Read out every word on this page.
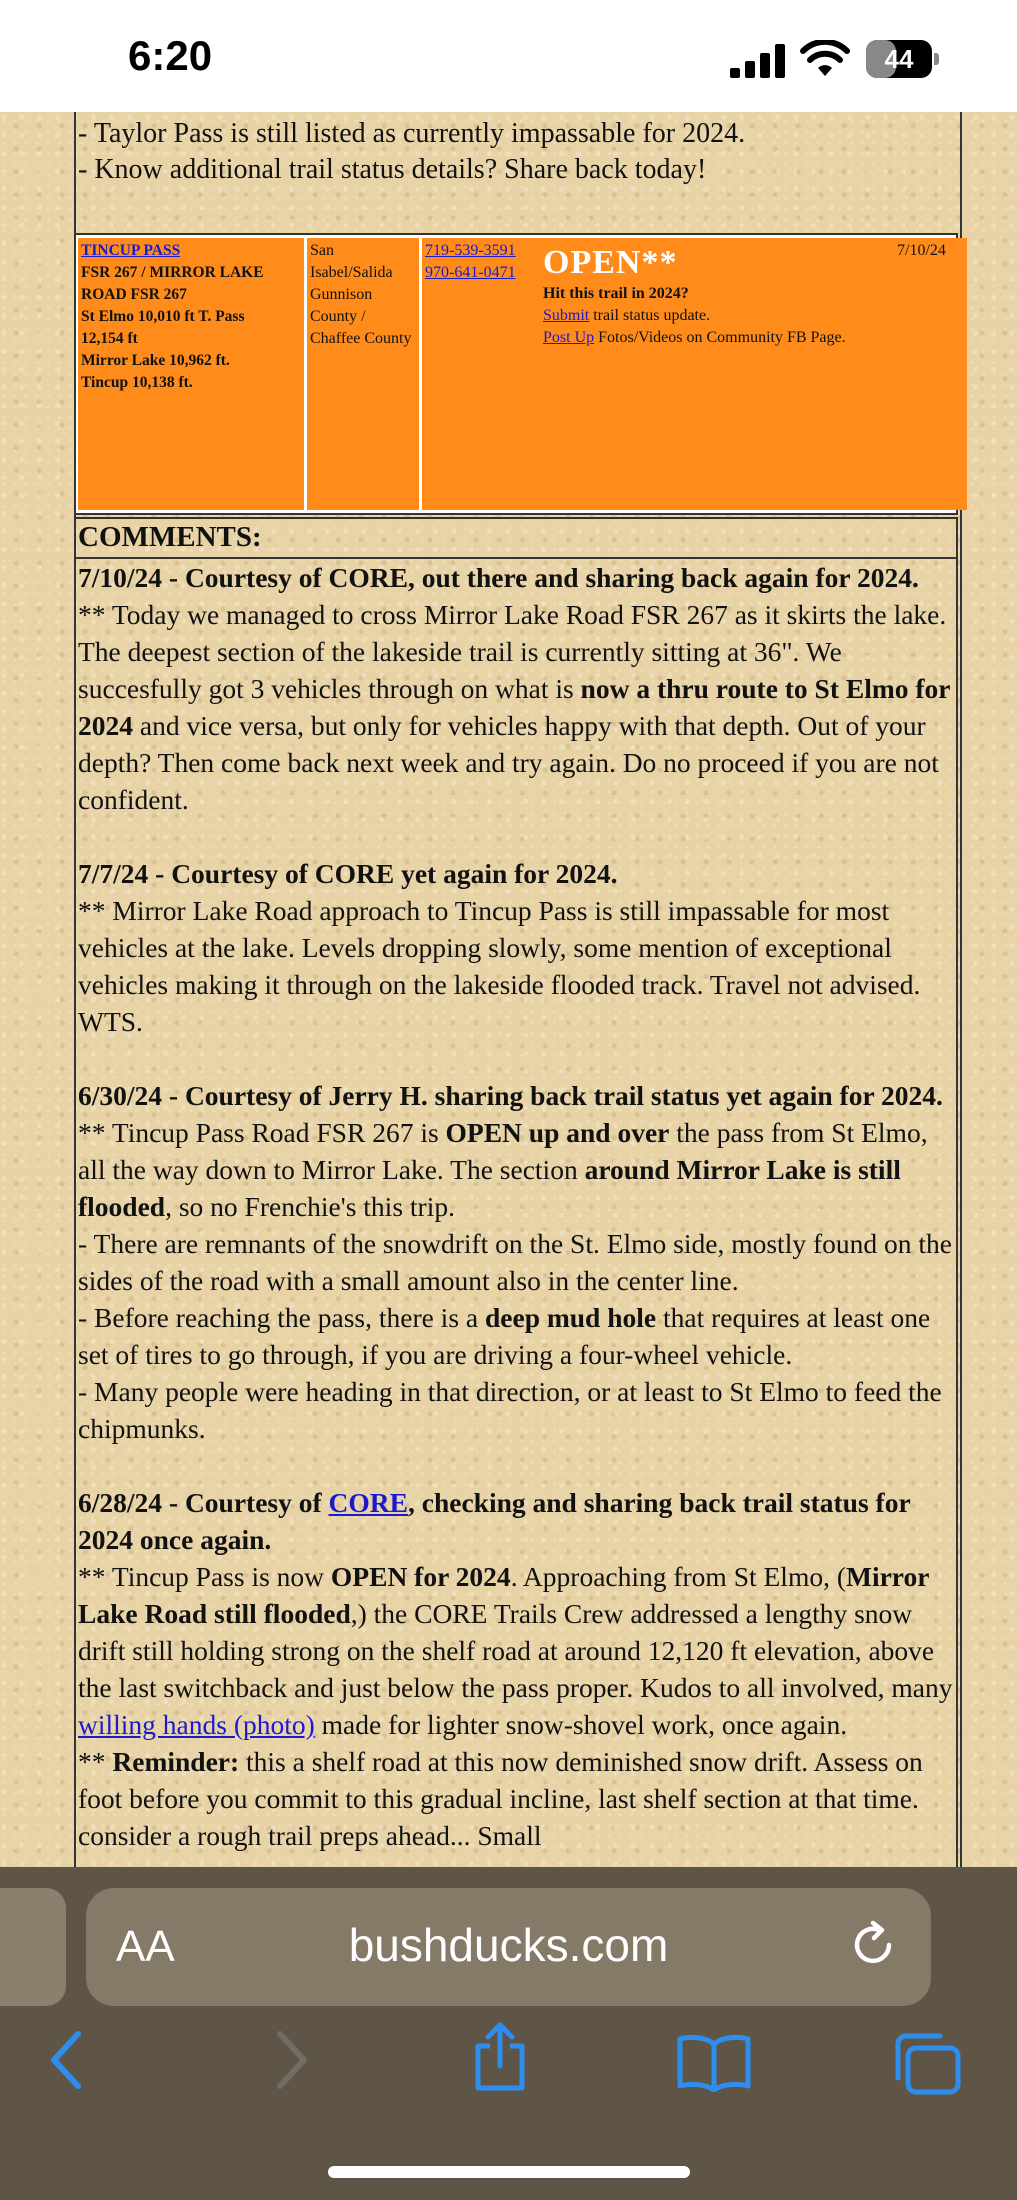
6:20	44
- Taylor Pass is still listed as currently impassable for 2024.
- Know additional trail status details? Share back today!
TINCUP PASS
FSR 267 / MIRROR LAKE
ROAD FSR 267
St Elmo 10,010 ft T. Pass
12,154 ft
Mirror Lake 10,962 ft.
Tincup 10,138 ft.
San Isabel/Salida
Gunnison County /
Chaffee County
719-539-3591
970-641-0471 OPEN**
Hit this trail in 2024?
Submit trail status update.
Post Up Fotos/Videos on Community FB Page.
7/10/24
COMMENTS:
7/10/24 - Courtesy of CORE, out there and sharing back again for 2024.
** Today we managed to cross Mirror Lake Road FSR 267 as it skirts the lake. The deepest section of the lakeside trail is currently sitting at 36". We succesfully got 3 vehicles through on what is now a thru route to St Elmo for 2024 and vice versa, but only for vehicles happy with that depth. Out of your depth? Then come back next week and try again. Do no proceed if you are not confident.
7/7/24 - Courtesy of CORE yet again for 2024.
** Mirror Lake Road approach to Tincup Pass is still impassable for most vehicles at the lake. Levels dropping slowly, some mention of exceptional vehicles making it through on the lakeside flooded track. Travel not advised. WTS.
6/30/24 - Courtesy of Jerry H. sharing back trail status yet again for 2024.
** Tincup Pass Road FSR 267 is OPEN up and over the pass from St Elmo, all the way down to Mirror Lake. The section around Mirror Lake is still flooded, so no Frenchie's this trip.
- There are remnants of the snowdrift on the St. Elmo side, mostly found on the sides of the road with a small amount also in the center line.
- Before reaching the pass, there is a deep mud hole that requires at least one set of tires to go through, if you are driving a four-wheel vehicle.
- Many people were heading in that direction, or at least to St Elmo to feed the chipmunks.
6/28/24 - Courtesy of CORE, checking and sharing back trail status for 2024 once again.
** Tincup Pass is now OPEN for 2024. Approaching from St Elmo, (Mirror Lake Road still flooded,) the CORE Trails Crew addressed a lengthy snow drift still holding strong on the shelf road at around 12,120 ft elevation, above the last switchback and just below the pass proper. Kudos to all involved, many willing hands (photo) made for lighter snow-shovel work, once again.
** Reminder: this a shelf road at this now deminished snow drift. Assess on foot before you commit to this gradual incline, last shelf section at that time. consider a rough trail preps ahead... Small
AA	bushducks.com
